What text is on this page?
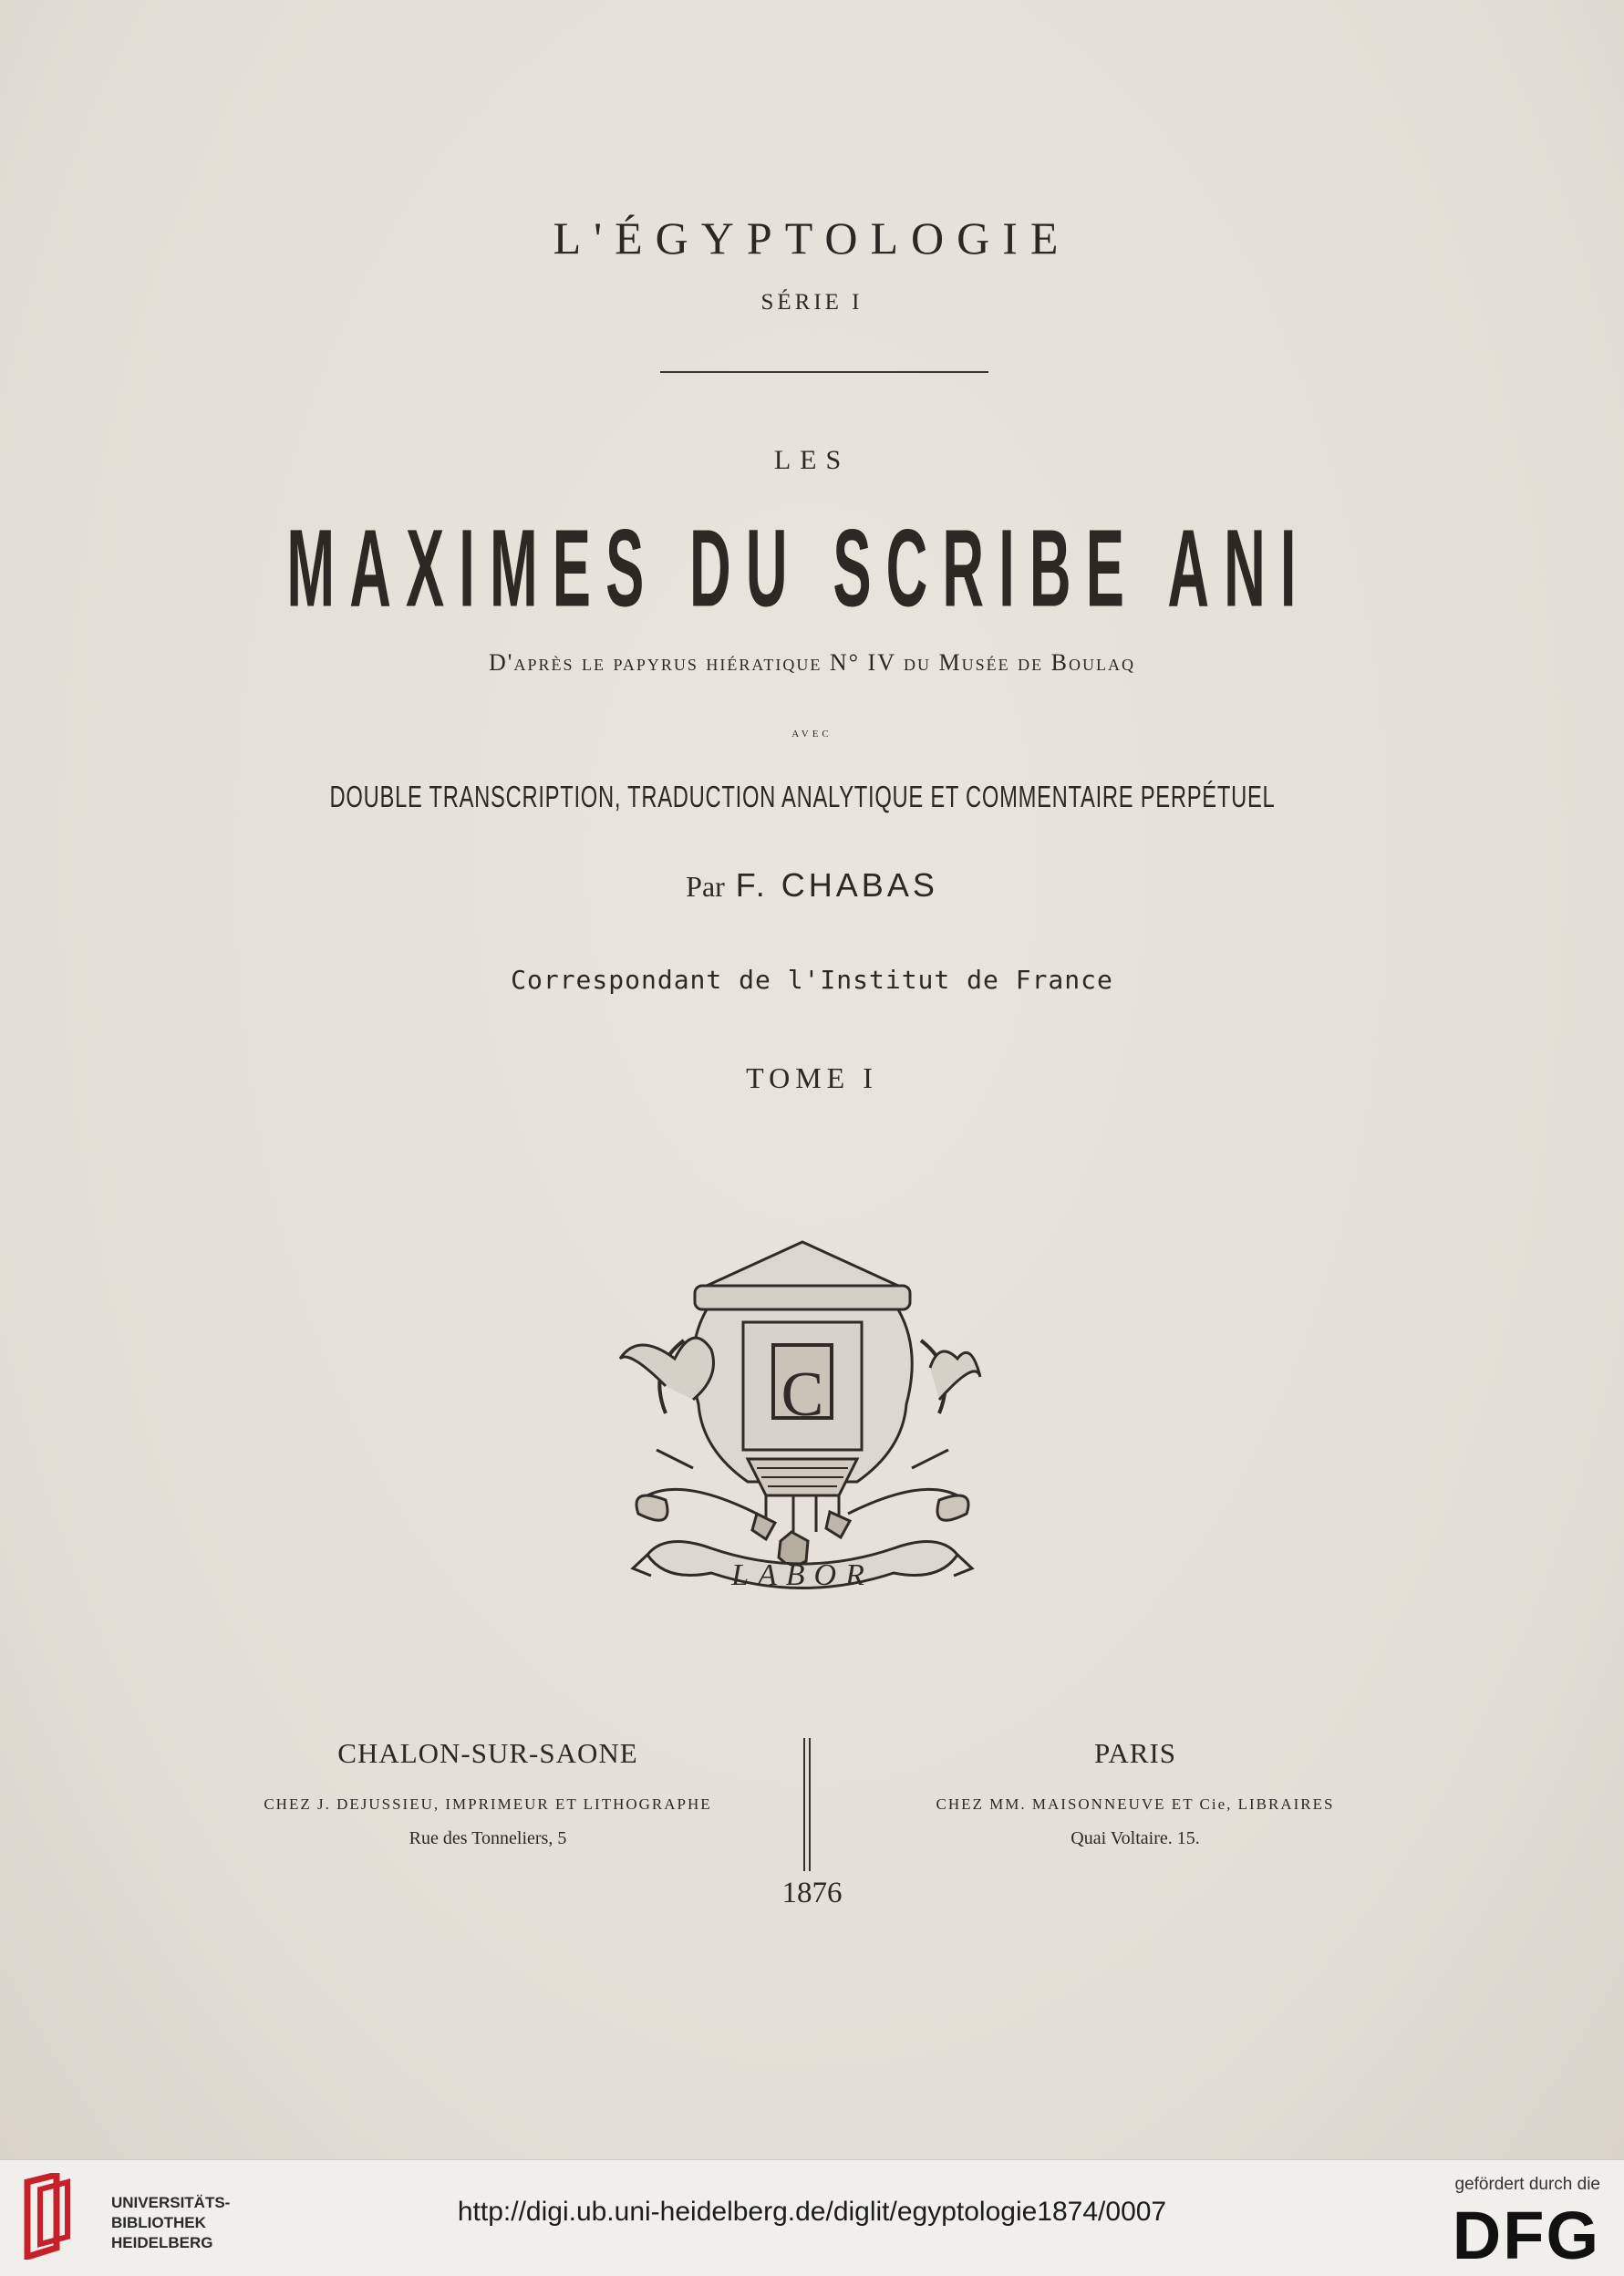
L'ÉGYPTOLOGIE
SÉRIE I
LES
MAXIMES DU SCRIBE ANI
D'après le papyrus hiératique N° IV du Musée de Boulaq
avec
DOUBLE TRANSCRIPTION, TRADUCTION ANALYTIQUE ET COMMENTAIRE PERPÉTUEL
Par F. CHABAS
Correspondant de l'Institut de France
TOME I
C
LABOR
CHALON-SUR-SAONE
CHEZ J. DEJUSSIEU, IMPRIMEUR ET LITHOGRAPHE
Rue des Tonneliers, 5
PARIS
CHEZ MM. MAISONNEUVE ET Cie, LIBRAIRES
Quai Voltaire. 15.
1876
UNIVERSITÄTS-
BIBLIOTHEK
HEIDELBERG
http://digi.ub.uni-heidelberg.de/diglit/egyptologie1874/0007
gefördert durch die
DFG
